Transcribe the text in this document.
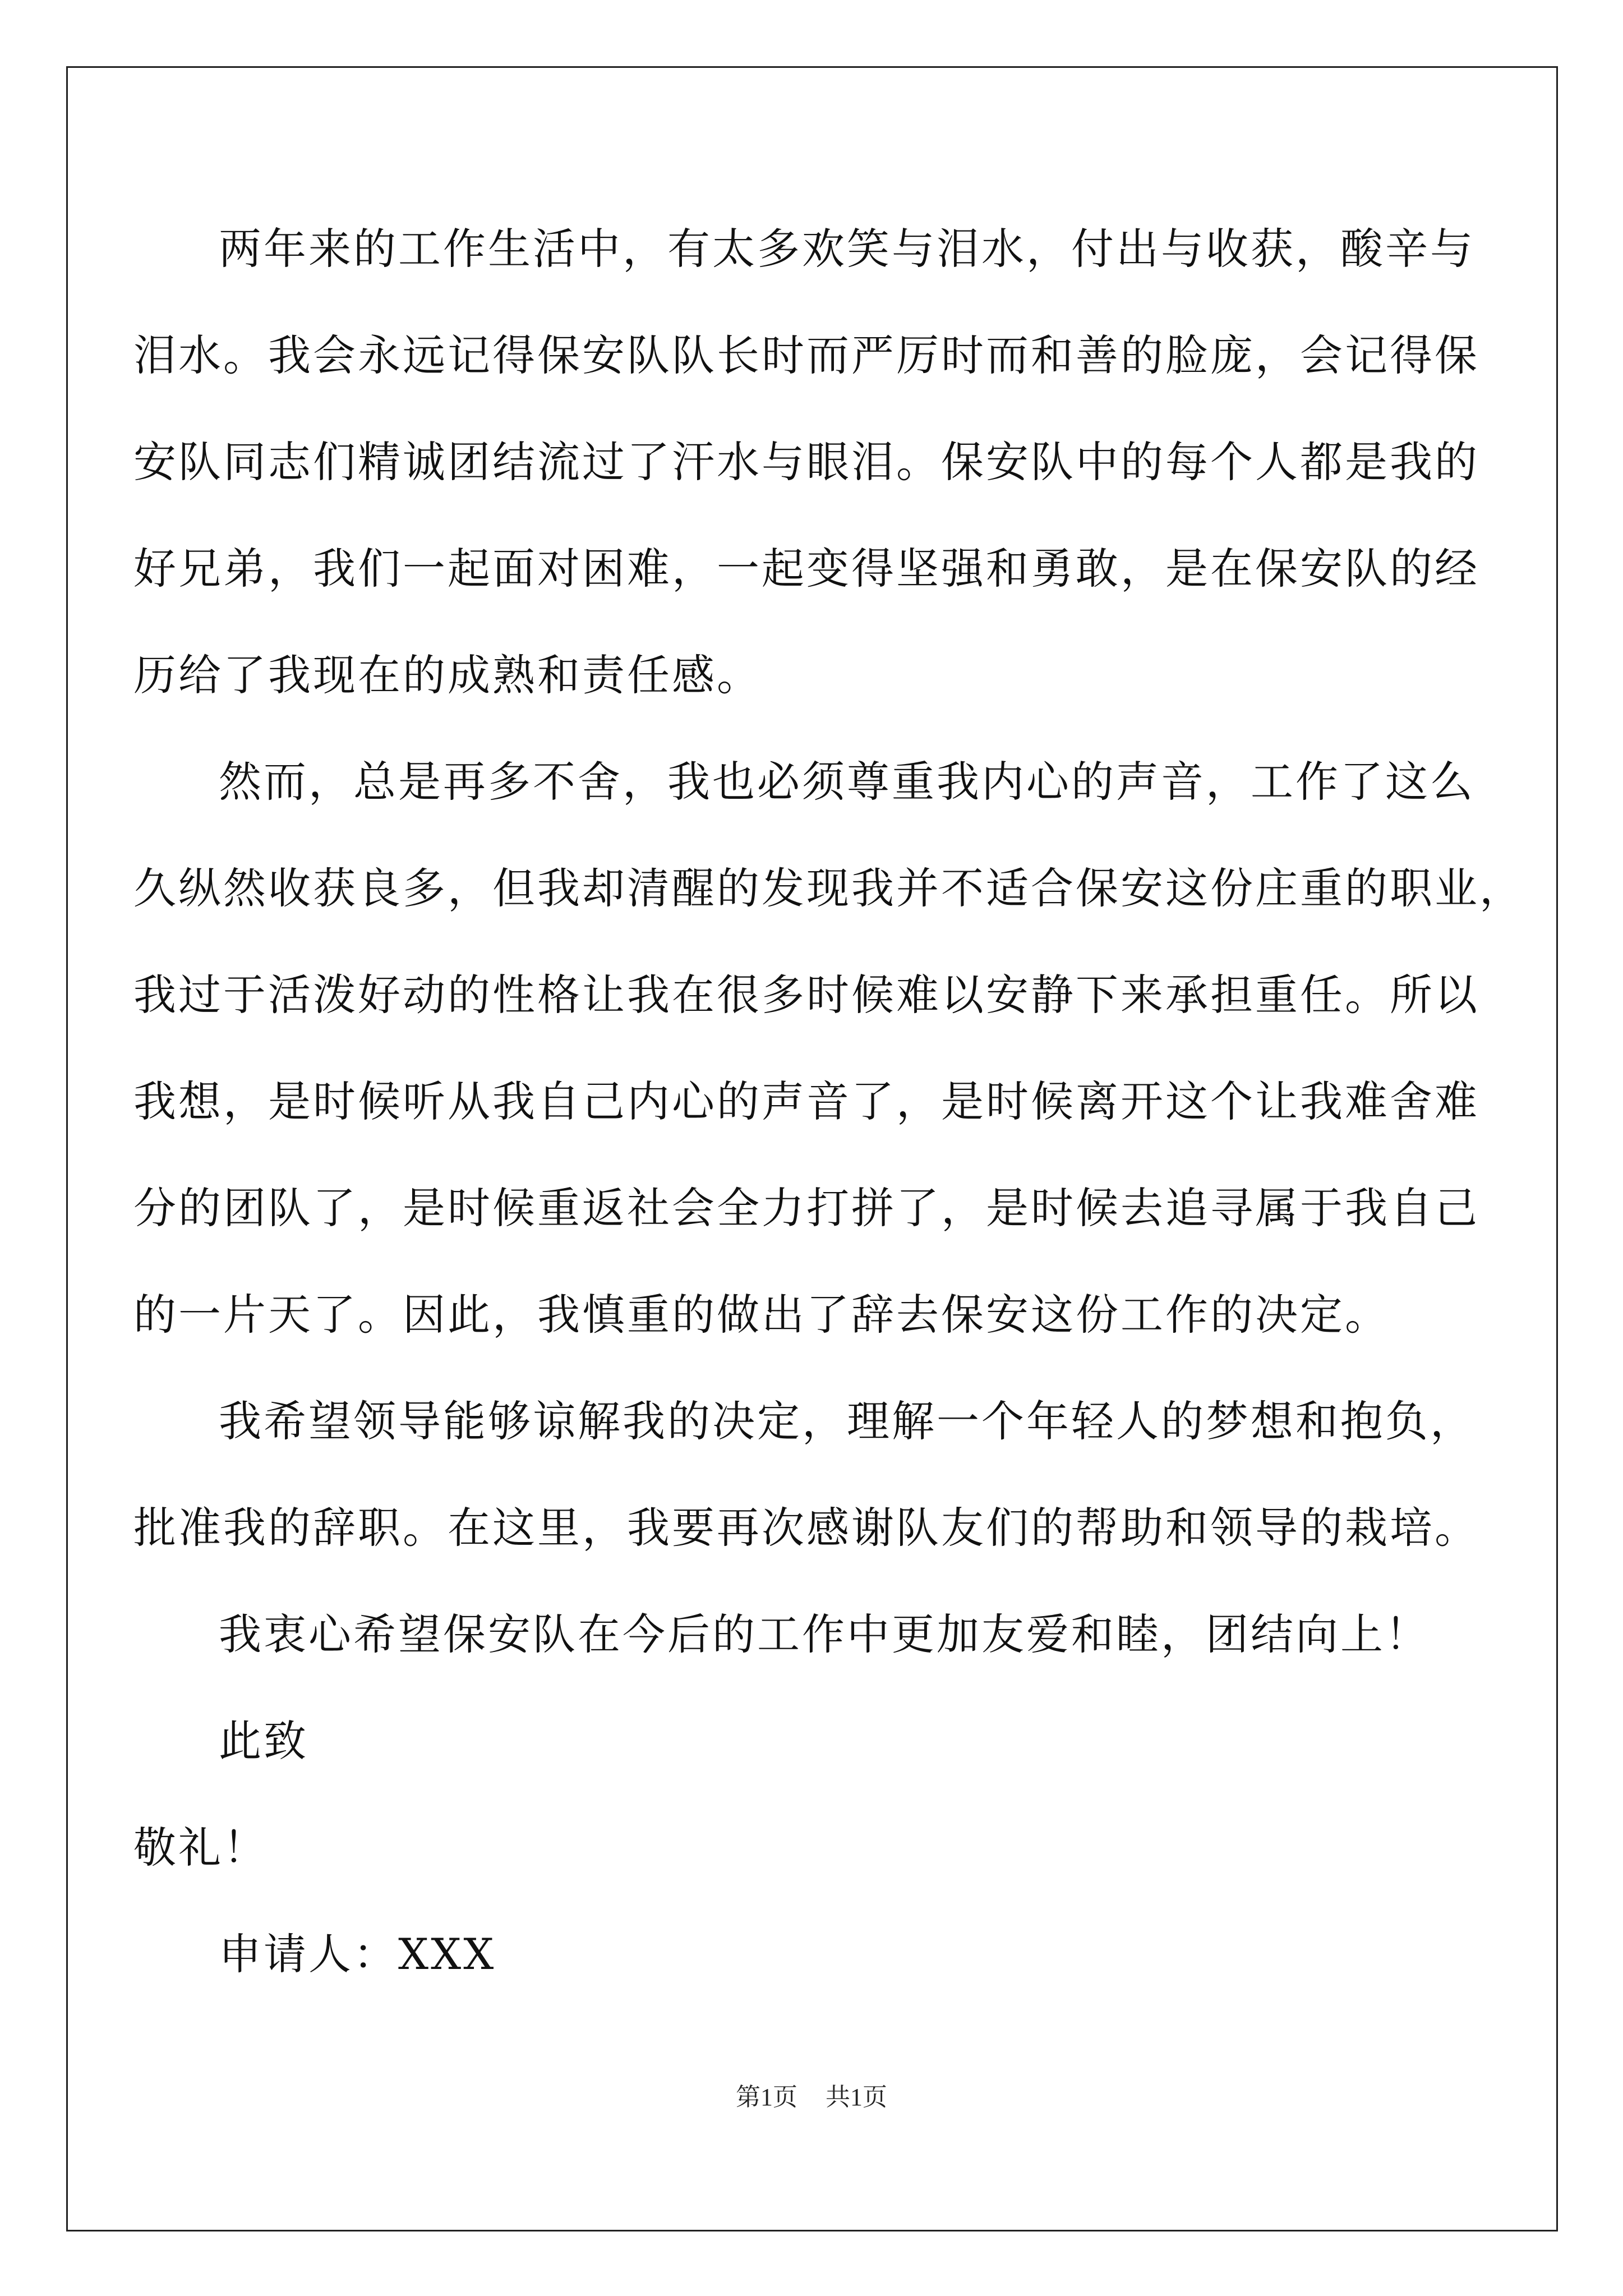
两年来的工作生活中，有太多欢笑与泪水，付出与收获，酸辛与
泪水。我会永远记得保安队队长时而严厉时而和善的脸庞，会记得保
安队同志们精诚团结流过了汗水与眼泪。保安队中的每个人都是我的
好兄弟，我们一起面对困难，一起变得坚强和勇敢，是在保安队的经
历给了我现在的成熟和责任感。
然而，总是再多不舍，我也必须尊重我内心的声音，工作了这么
久纵然收获良多，但我却清醒的发现我并不适合保安这份庄重的职业，
我过于活泼好动的性格让我在很多时候难以安静下来承担重任。所以
我想，是时候听从我自己内心的声音了，是时候离开这个让我难舍难
分的团队了，是时候重返社会全力打拼了，是时候去追寻属于我自己
的一片天了。因此，我慎重的做出了辞去保安这份工作的决定。
我希望领导能够谅解我的决定，理解一个年轻人的梦想和抱负，
批准我的辞职。在这里，我要再次感谢队友们的帮助和领导的栽培。
我衷心希望保安队在今后的工作中更加友爱和睦，团结向上！
此致
敬礼！
申请人：XXX
第1页 共1页
